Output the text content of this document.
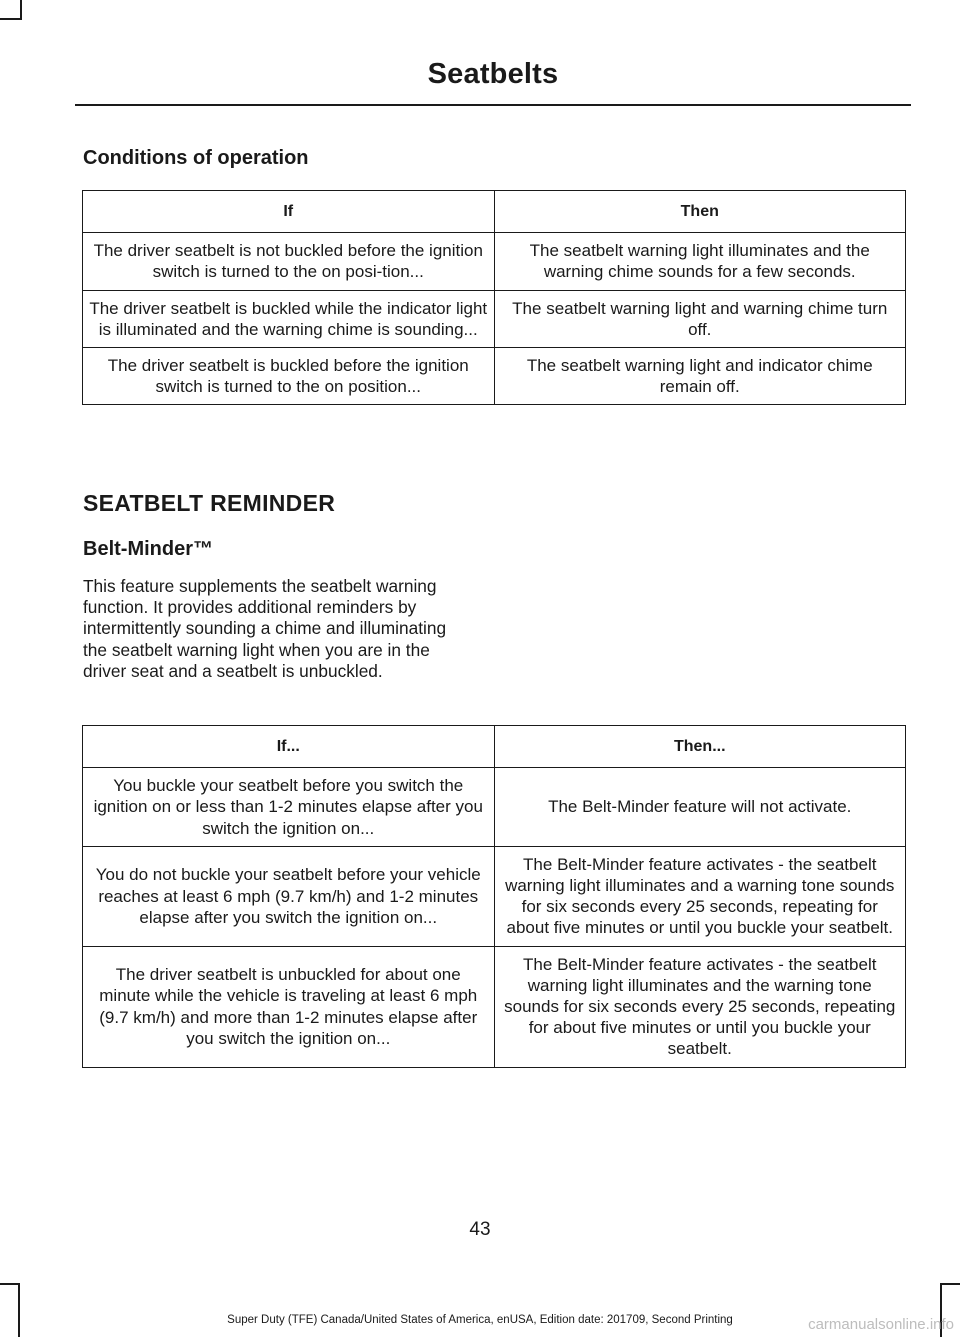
Seatbelts
Conditions of operation
If	Then
The driver seatbelt is not buckled before the ignition switch is turned to the on posi-tion...	The seatbelt warning light illuminates and the warning chime sounds for a few seconds.
The driver seatbelt is buckled while the indicator light is illuminated and the warning chime is sounding...	The seatbelt warning light and warning chime turn off.
The driver seatbelt is buckled before the ignition switch is turned to the on position...	The seatbelt warning light and indicator chime remain off.
SEATBELT REMINDER
Belt-Minder™
This feature supplements the seatbelt warning function. It provides additional reminders by intermittently sounding a chime and illuminating the seatbelt warning light when you are in the driver seat and a seatbelt is unbuckled.
If...	Then...
You buckle your seatbelt before you switch the ignition on or less than 1-2 minutes elapse after you switch the ignition on...	The Belt-Minder feature will not activate.
You do not buckle your seatbelt before your vehicle reaches at least 6 mph (9.7 km/h) and 1-2 minutes elapse after you switch the ignition on...	The Belt-Minder feature activates - the seatbelt warning light illuminates and a warning tone sounds for six seconds every 25 seconds, repeating for about five minutes or until you buckle your seatbelt.
The driver seatbelt is unbuckled for about one minute while the vehicle is traveling at least 6 mph (9.7 km/h) and more than 1-2 minutes elapse after you switch the ignition on...	The Belt-Minder feature activates - the seatbelt warning light illuminates and the warning tone sounds for six seconds every 25 seconds, repeating for about five minutes or until you buckle your seatbelt.
43
Super Duty (TFE) Canada/United States of America, enUSA, Edition date: 201709, Second Printing	carmanualsonline.info
